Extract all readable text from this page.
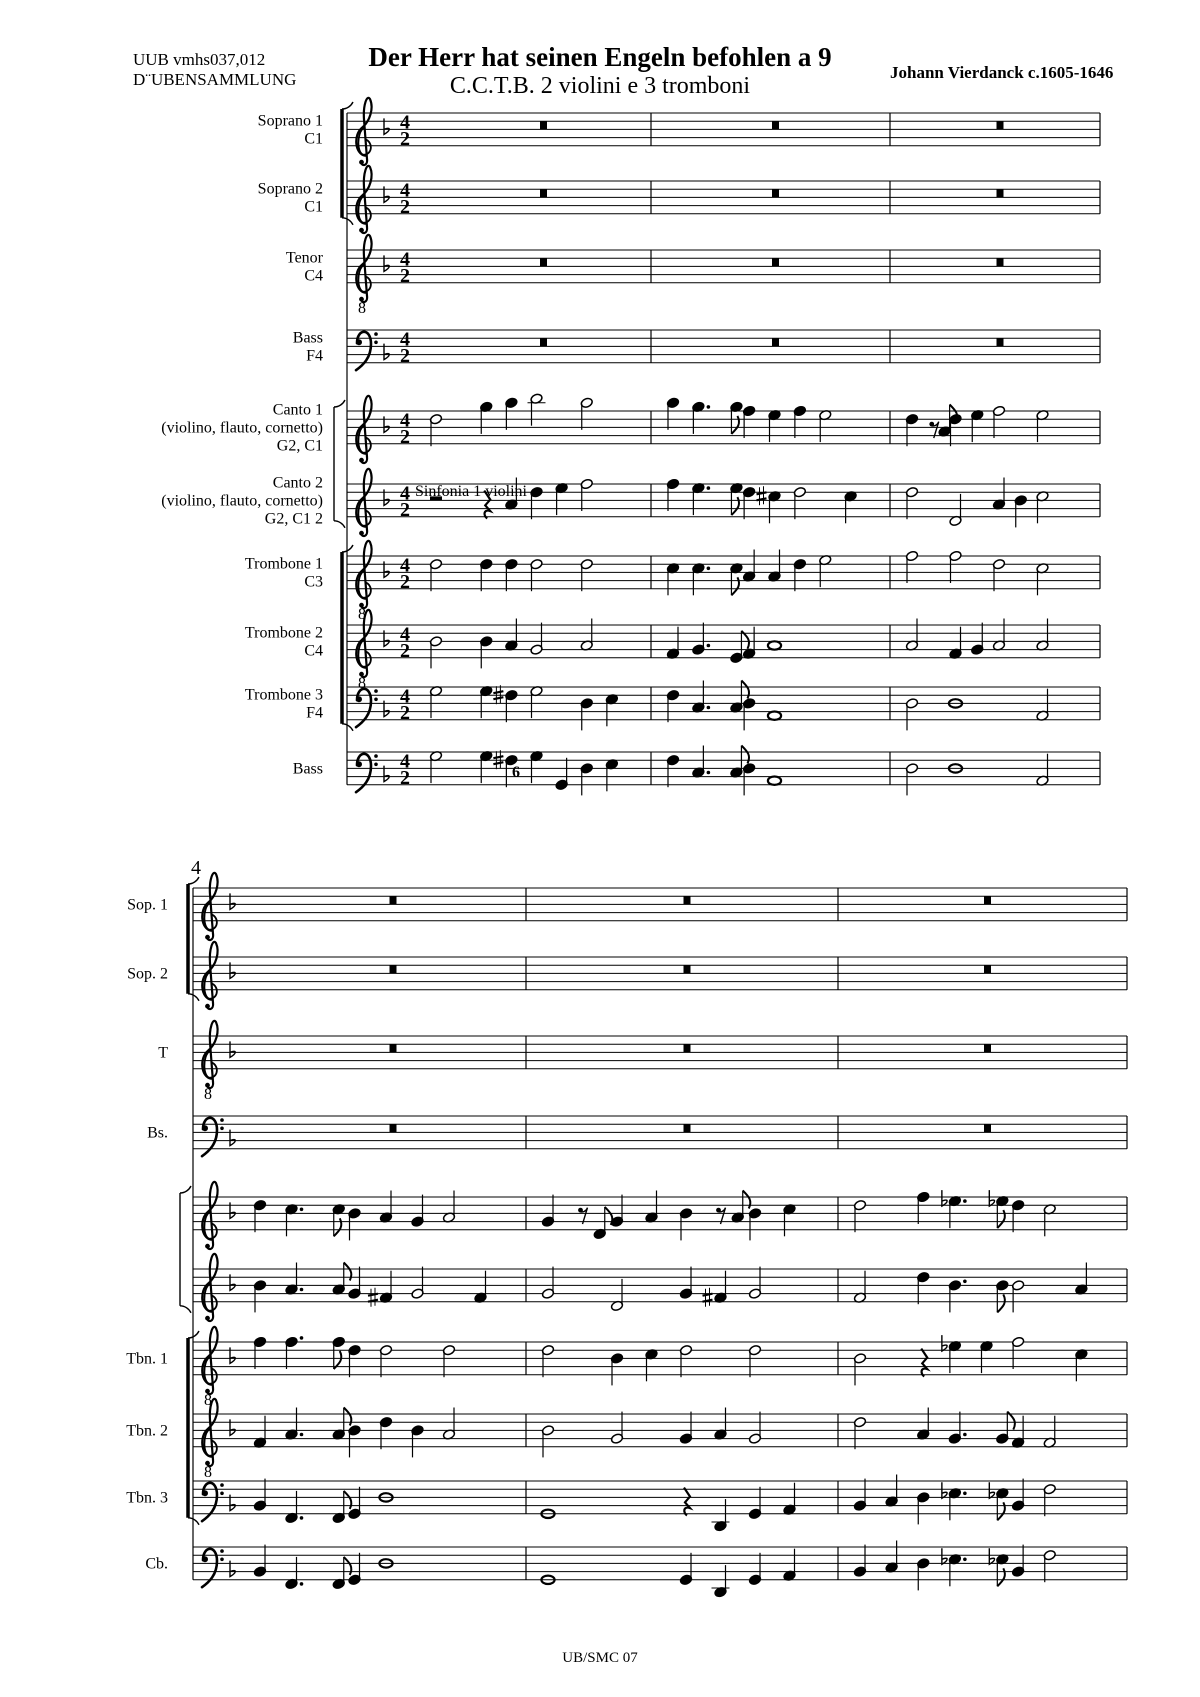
UUB vmhs037,012
D¨UBENSAMMLUNG
Der Herr hat seinen Engeln befohlen a 9
C.C.T.B. 2 violini e 3 tromboni
Johann Vierdanck c.1605-1646
4
2
Soprano 1
C1
4
2
Soprano 2
C1
8
4
2
Tenor
C4
4
2
Bass
F4
4
2
Canto 1
(violino, flauto, cornetto)
G2, C1
4
2
Canto 2
(violino, flauto, cornetto)
G2, C1 2
8
4
2
Trombone 1
C3
8
4
2
Trombone 2
C4
4
2
Trombone 3
F4
4
2
Bass
Sinfonia 1 violini
6
Sop. 1
Sop. 2
8
T
Bs.
8
Tbn. 1
8
Tbn. 2
Tbn. 3
Cb.
4
UB/SMC 07
